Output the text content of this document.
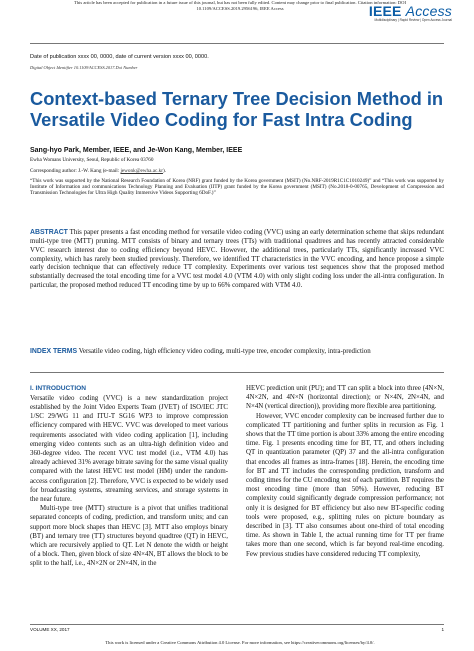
This article has been accepted for publication in a future issue of this journal, but has not been fully edited. Content may change prior to final publication. Citation information: DOI
10.1109/ACCESS.2019.2956196, IEEE Access	IEEE Access
Multidisciplinary | Rapid Review | Open Access Journal
Date of publication xxxx 00, 0000, date of current version xxxx 00, 0000.
Digital Object Identifier 10.1109/ACCESS.2017.Doi Number
Context-based Ternary Tree Decision Method in
Versatile Video Coding for Fast Intra Coding
Sang-hyo Park, Member, IEEE, and Je-Won Kang, Member, IEEE
Ewha Womans University, Seoul, Republic of Korea 03760
Corresponding author: J.-W. Kang (e-mail: jewonk@ewha.ac.kr).
“This work was supported by the National Research Foundation of Korea (NRF) grant funded by the Korea government (MSIT) (No.NRF-2019R1C1C1010249)” and “This work was supported by Institute of Information and communications Technology Planning and Evaluation (IITP) grant funded by the Korea government (MSIT) (No.2018-0-00765, Development of Compression and Transmission Technologies for Ultra High Quality Immersive Videos Supporting 6DoF.)”
ABSTRACT This paper presents a fast encoding method for versatile video coding (VVC) using an early determination scheme that skips redundant multi-type tree (MTT) pruning. MTT consists of binary and ternary trees (TTs) with traditional quadtrees and has recently attracted considerable VVC research interest due to coding efficiency beyond HEVC. However, the additional trees, particularly TTs, significantly increased VVC complexity, which has rarely been studied previously. Therefore, we identified TT characteristics in the VVC encoding, and hence propose a simple early decision technique that can effectively reduce TT complexity. Experiments over various test sequences show that the proposed method substantially decreased the total encoding time for a VVC test model 4.0 (VTM 4.0) with only slight coding loss under the all-intra configuration. In particular, the proposed method reduced TT encoding time by up to 66% compared with VTM 4.0.
INDEX TERMS Versatile video coding, high efficiency video coding, multi-type tree, encoder complexity, intra-prediction
I. INTRODUCTION

Versatile video coding (VVC) is a new standardization project established by the Joint Video Experts Team (JVET) of ISO/IEC JTC 1/SC 29/WG 11 and ITU-T SG16 WP3 to improve compression efficiency compared with HEVC. VVC was developed to meet various requirements associated with video coding application [1], including emerging video contents such as an ultra-high definition video and 360-degree video. The recent VVC test model (i.e., VTM 4.0) has already achieved 31% average bitrate saving for the same visual quality compared with the latest HEVC test model (HM) under the random-access configuration [2]. Therefore, VVC is expected to be widely used for broadcasting systems, streaming services, and storage systems in the near future.

Multi-type tree (MTT) structure is a pivot that unifies traditional separated concepts of coding, prediction, and transform units; and can support more block shapes than HEVC [3]. MTT also employs binary (BT) and ternary tree (TT) structures beyond quadtree (QT) in HEVC, which are recursively applied to QT. Let N denote the width or height of a block. Then, given block of size 4N×4N, BT allows the block to be split to the half, i.e., 4N×2N or 2N×4N, in the

HEVC prediction unit (PU); and TT can split a block into three (4N×N, 4N×2N, and 4N×N (horizontal direction); or N×4N, 2N×4N, and N×4N (vertical direction)), providing more flexible area partitioning.

However, VVC encoder complexity can be increased further due to complicated TT partitioning and further splits in recursion as Fig. 1 shows that the TT time portion is about 33% among the entire encoding time. Fig. 1 presents encoding time for BT, TT, and others including QT in quantization parameter (QP) 37 and the all-intra configuration that encodes all frames as intra-frames [18]. Herein, the encoding time for BT and TT includes the corresponding prediction, transform and coding times for the CU encoding test of each partition. BT requires the most encoding time (more than 50%). However, reducing BT complexity could significantly degrade compression performance; not only it is designed for BT efficiency but also new BT-specific coding tools were proposed, e.g., splitting rules on picture boundary as described in [3]. TT also consumes about one-third of total encoding time. As shown in Table I, the actual running time for TT per frame takes more than one second, which is far beyond real-time encoding. Few previous studies have considered reducing TT complexity,

VOLUME XX, 2017	1
This work is licensed under a Creative Commons Attribution 4.0 License. For more information, see https://creativecommons.org/licenses/by/4.0/.
